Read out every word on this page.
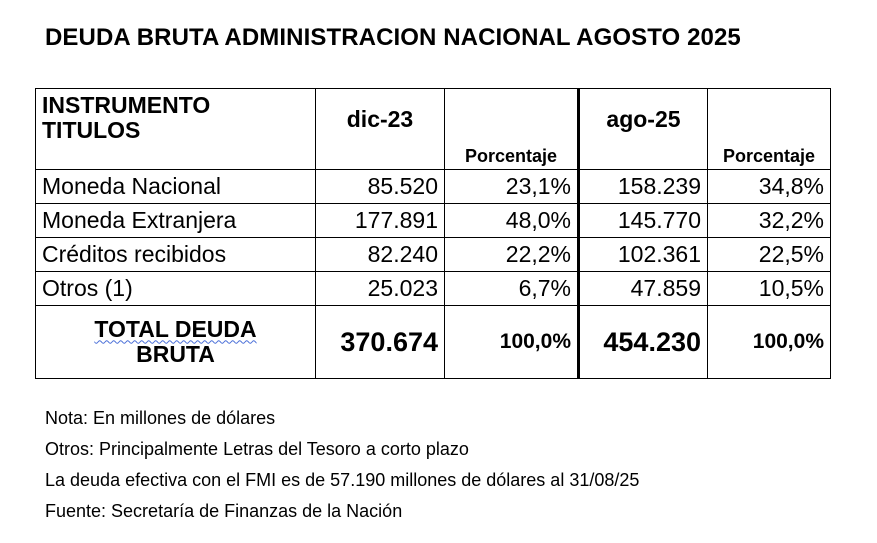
DEUDA BRUTA ADMINISTRACION NACIONAL AGOSTO 2025
INSTRUMENTO
TITULOS	dic-23	Porcentaje	ago-25	Porcentaje
Moneda Nacional	85.520	23,1%	158.239	34,8%
Moneda Extranjera	177.891	48,0%	145.770	32,2%
Créditos recibidos	82.240	22,2%	102.361	22,5%
Otros (1)	25.023	6,7%	47.859	10,5%

TOTAL DEUDA
BRUTA	370.674	100,0%	454.230	100,0%
Nota: En millones de dólares
Otros: Principalmente Letras del Tesoro a corto plazo
La deuda efectiva con el FMI es de 57.190 millones de dólares al 31/08/25
Fuente: Secretaría de Finanzas de la Nación
